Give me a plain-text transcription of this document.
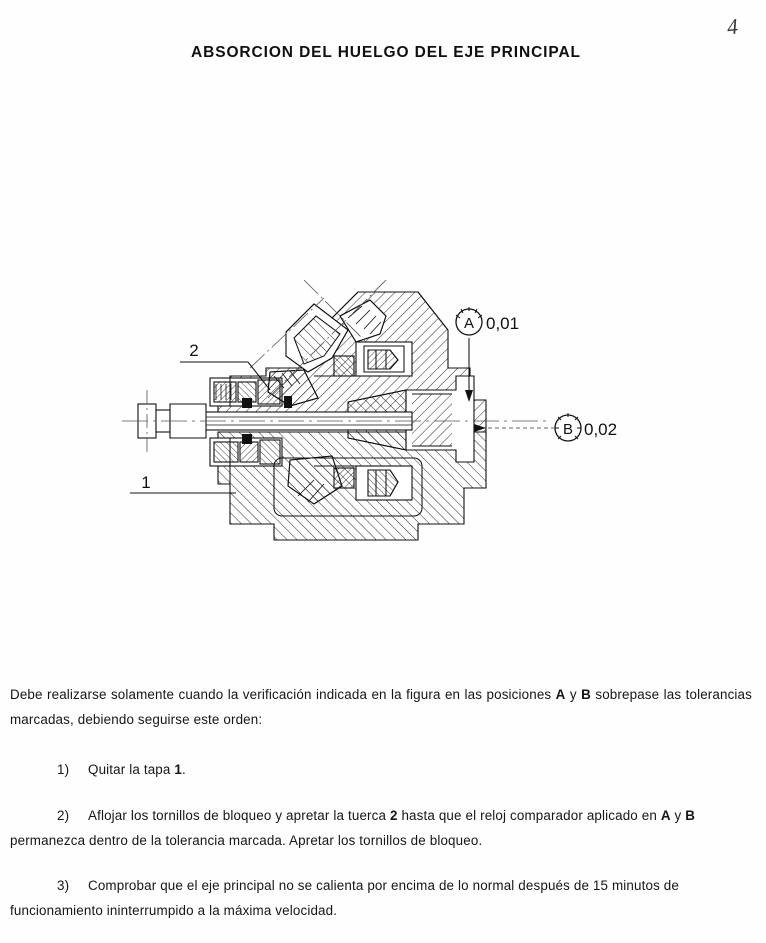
4
ABSORCION DEL HUELGO DEL EJE PRINCIPAL
2
1
A 0,01
B 0,02
Debe realizarse solamente cuando la verificación indicada en la figura en las posiciones A y B sobrepase las tolerancias marcadas, debiendo seguirse este orden:
1)	Quitar la tapa 1.
2)	Aflojar los tornillos de bloqueo y apretar la tuerca 2 hasta que el reloj comparador aplicado en A y B permanezca dentro de la tolerancia marcada. Apretar los tornillos de bloqueo.
3)	Comprobar que el eje principal no se calienta por encima de lo normal después de 15 minutos de funcionamiento ininterrumpido a la máxima velocidad.
